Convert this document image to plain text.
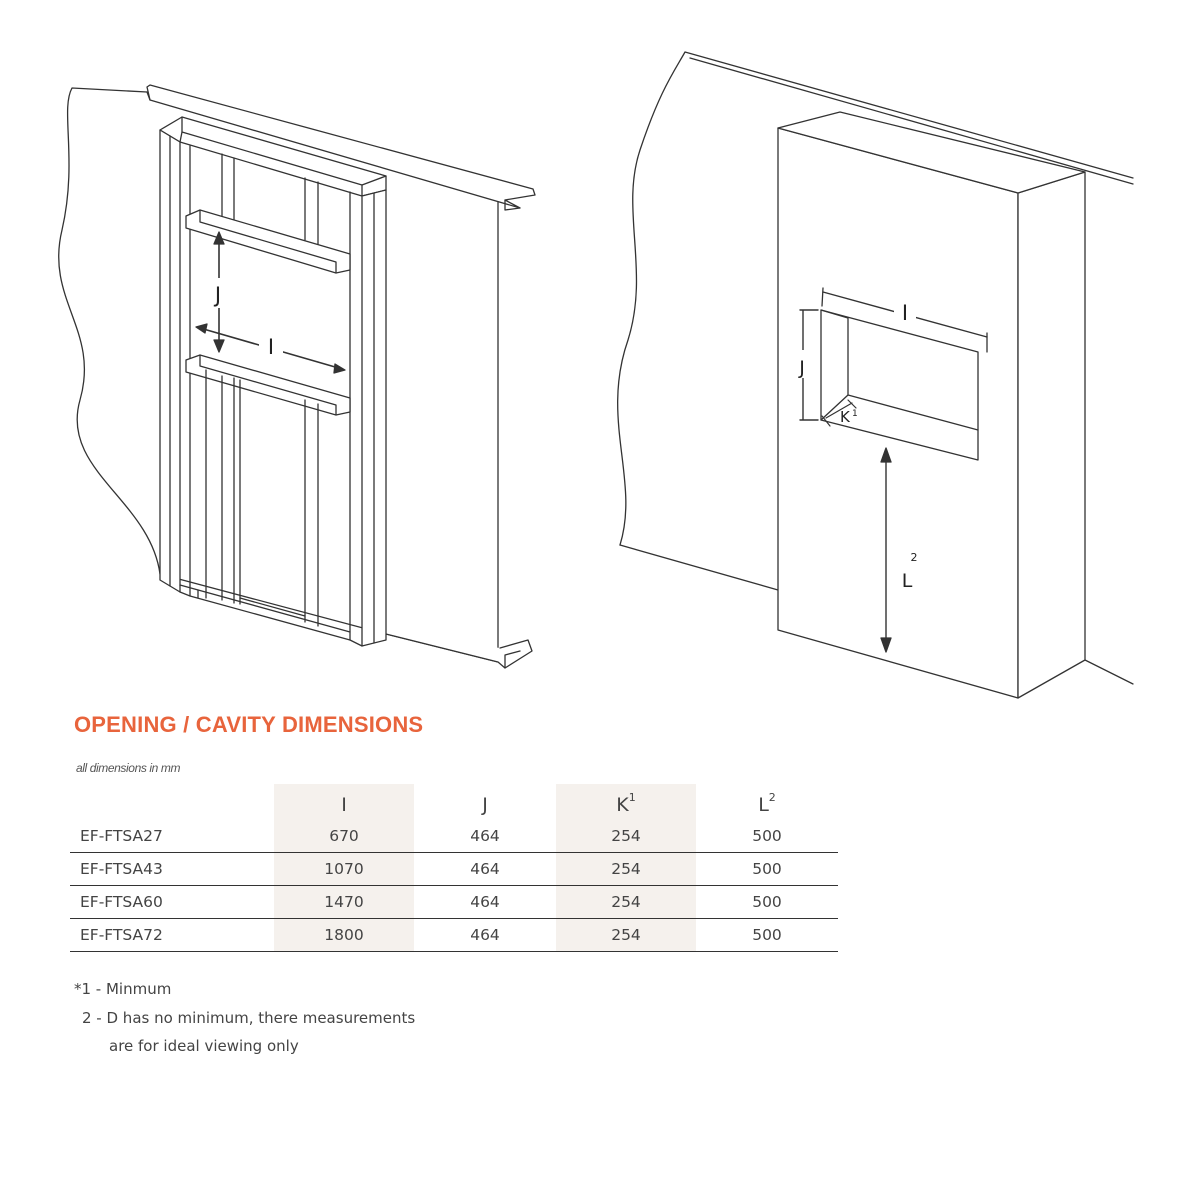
J
I
I
J
K 1
L
2
OPENING / CAVITY DIMENSIONS
all dimensions in mm
	I	J	$K^1$	$L^2$
EF-FTSA27	670	464	254	500
EF-FTSA43	1070	464	254	500
EF-FTSA60	1470	464	254	500
EF-FTSA72	1800	464	254	500

*1 - Minmum

2 - D has no minimum, there measurements

are for ideal viewing only
